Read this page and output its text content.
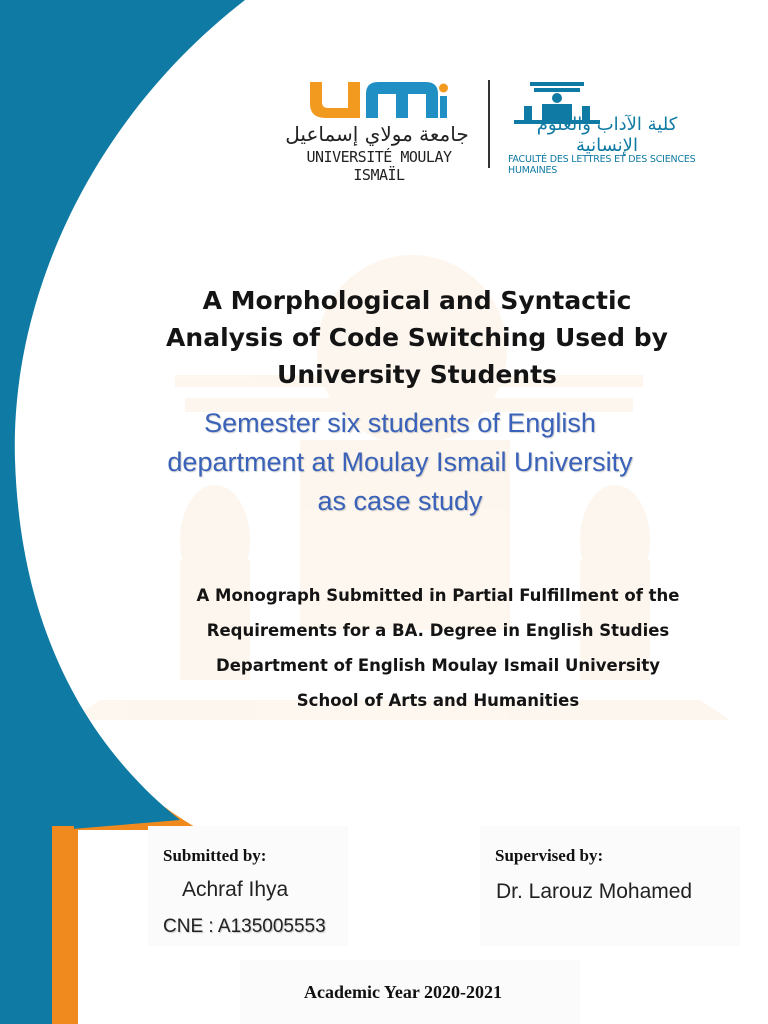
جامعة مولاي إسماعيل
UNIVERSITÉ MOULAY ISMAÏL
كلية الآداب والعلوم الإنسانية
FACULTÉ DES LETTRES ET DES SCIENCES HUMAINES
A Morphological and Syntactic
Analysis of Code Switching Used by
University Students
Semester six students of English
department at Moulay Ismail University
as case study
A Monograph Submitted in Partial Fulfillment of the
Requirements for a BA. Degree in English Studies
Department of English Moulay Ismail University
School of Arts and Humanities
Submitted by:
Achraf Ihya
CNE : A135005553
Supervised by:
Dr. Larouz Mohamed
Academic Year 2020-2021
